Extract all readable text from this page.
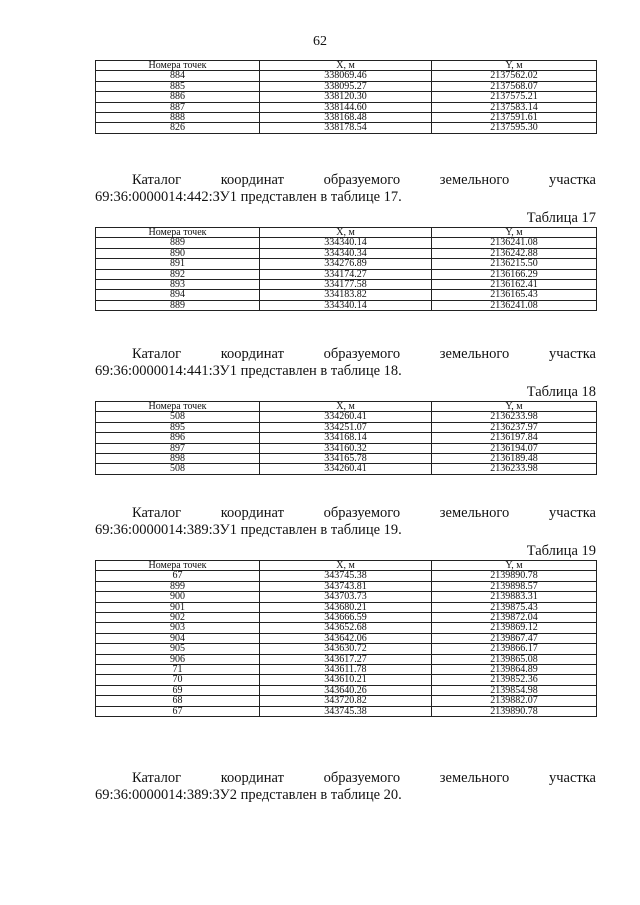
62
Номера точек	X, м	Y, м
884	338069.46	2137562.02
885	338095.27	2137568.07
886	338120.30	2137575.21
887	338144.60	2137583.14
888	338168.48	2137591.61
826	338178.54	2137595.30
Каталог	координат	образуемого	земельного	участка
69:36:0000014:442:ЗУ1 представлен в таблице 17.
Таблица 17
Номера точек	X, м	Y, м
889	334340.14	2136241.08
890	334340.34	2136242.88
891	334276.89	2136215.50
892	334174.27	2136166.29
893	334177.58	2136162.41
894	334183.82	2136165.43
889	334340.14	2136241.08
Каталог	координат	образуемого	земельного	участка
69:36:0000014:441:ЗУ1 представлен в таблице 18.
Таблица 18
Номера точек	X, м	Y, м
508	334260.41	2136233.98
895	334251.07	2136237.97
896	334168.14	2136197.84
897	334160.32	2136194.07
898	334165.78	2136189.48
508	334260.41	2136233.98
Каталог	координат	образуемого	земельного	участка
69:36:0000014:389:ЗУ1 представлен в таблице 19.
Таблица 19
Номера точек	X, м	Y, м
67	343745.38	2139890.78
899	343743.81	2139898.57
900	343703.73	2139883.31
901	343680.21	2139875.43
902	343666.59	2139872.04
903	343652.68	2139869.12
904	343642.06	2139867.47
905	343630.72	2139866.17
906	343617.27	2139865.08
71	343611.78	2139864.89
70	343610.21	2139852.36
69	343640.26	2139854.98
68	343720.82	2139882.07
67	343745.38	2139890.78
Каталог	координат	образуемого	земельного	участка
69:36:0000014:389:ЗУ2 представлен в таблице 20.
